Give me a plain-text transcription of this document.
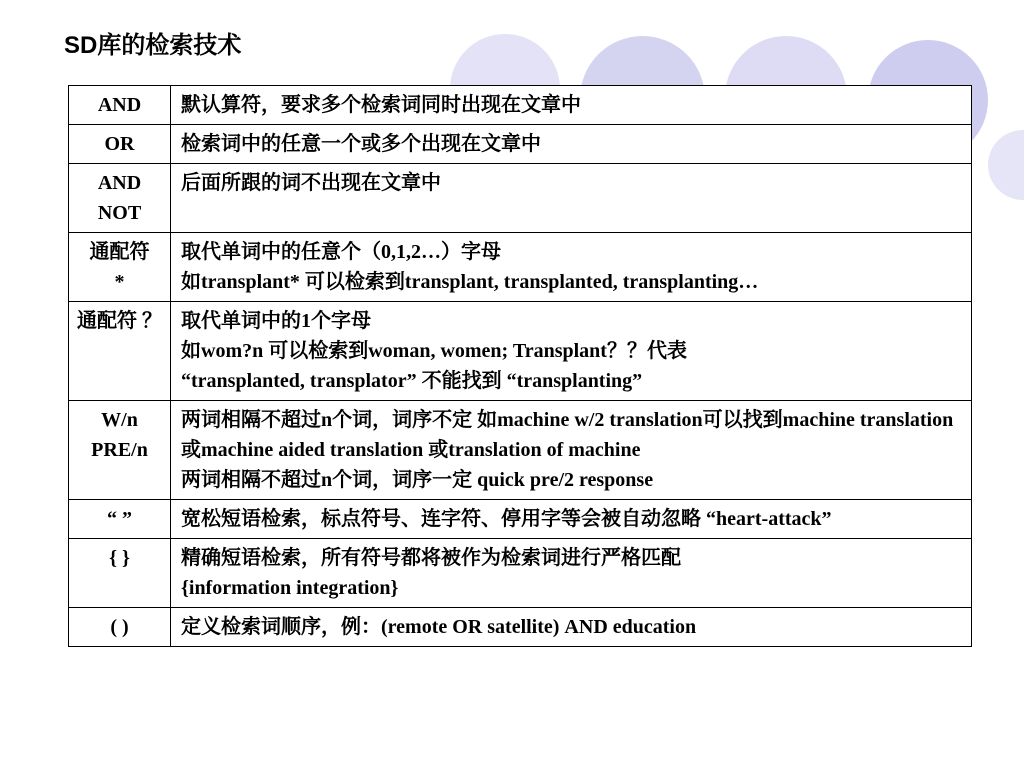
SD库的检索技术
AND	默认算符，要求多个检索词同时出现在文章中

OR	检索词中的任意一个或多个出现在文章中

AND
NOT	后面所跟的词不出现在文章中

通配符
*	取代单词中的任意个（0,1,2…）字母
如transplant* 可以检索到transplant, transplanted, transplanting…

通配符 ？	取代单词中的1个字母
如wom?n 可以检索到woman, women; Transplant？？代表
“transplanted, transplator” 不能找到 “transplanting”

W/n
PRE/n	两词相隔不超过n个词，词序不定 如machine w/2 translation可以找到machine translation 或machine aided translation 或translation of machine
两词相隔不超过n个词，词序一定 quick pre/2 response

“ ”	宽松短语检索，标点符号、连字符、停用字等会被自动忽略 “heart-attack”

{ }	精确短语检索，所有符号都将被作为检索词进行严格匹配
{information integration}

( )	定义检索词顺序，例：(remote OR satellite) AND education
